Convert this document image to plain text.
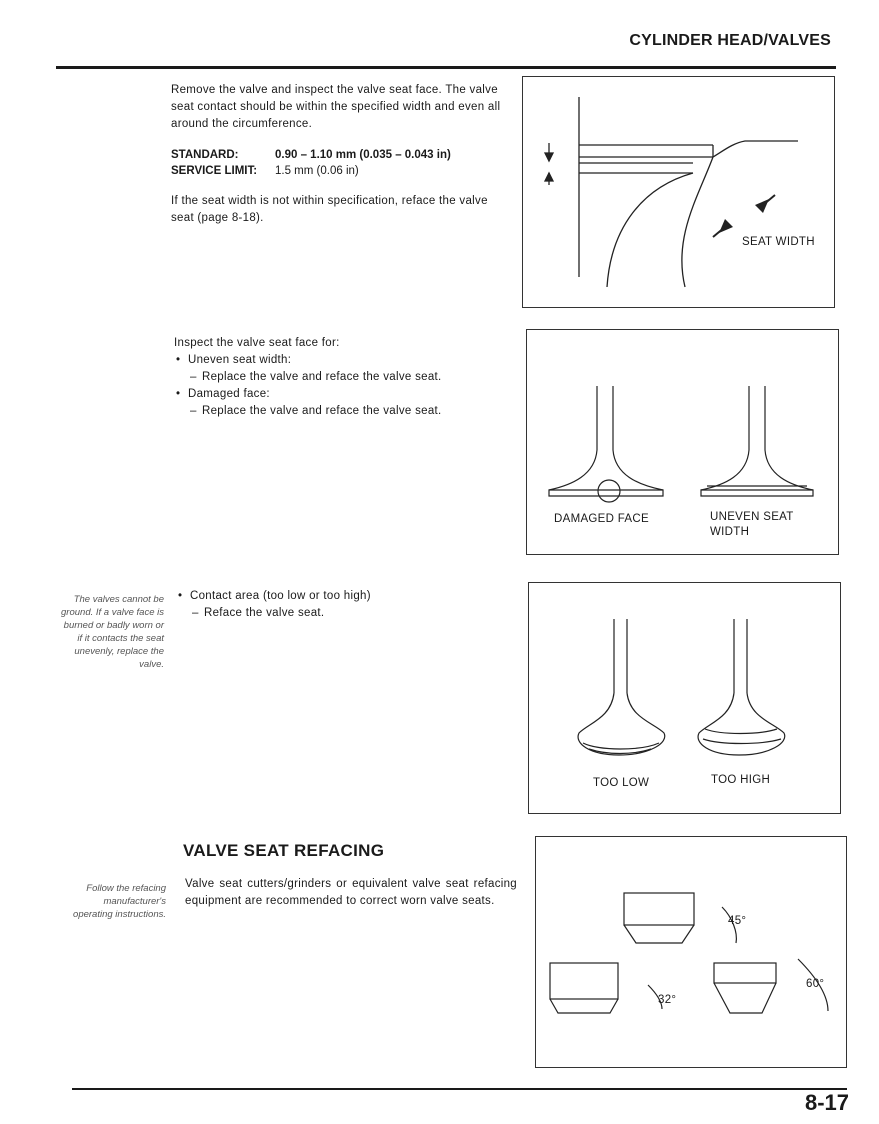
CYLINDER HEAD/VALVES
Remove the valve and inspect the valve seat face. The valve seat contact should be within the specified width and even all around the circumference.
STANDARD:	0.90 – 1.10 mm (0.035 – 0.043 in)
SERVICE LIMIT: 1.5 mm (0.06 in)
If the seat width is not within specification, reface the valve seat (page 8-18).
SEAT WIDTH
Inspect the valve seat face for:
• Uneven seat width:
– Replace the valve and reface the valve seat.
• Damaged face:
– Replace the valve and reface the valve seat.
DAMAGED FACE	UNEVEN SEAT
WIDTH
The valves cannot be ground. If a valve face is burned or badly worn or if it contacts the seat unevenly, replace the valve.
• Contact area (too low or too high)
– Reface the valve seat.
TOO LOW	TOO HIGH
VALVE SEAT REFACING
Follow the refacing manufacturer's operating instructions.
Valve seat cutters/grinders or equivalent valve seat refacing equipment are recommended to correct worn valve seats.
45°
32°
60°
8-17
